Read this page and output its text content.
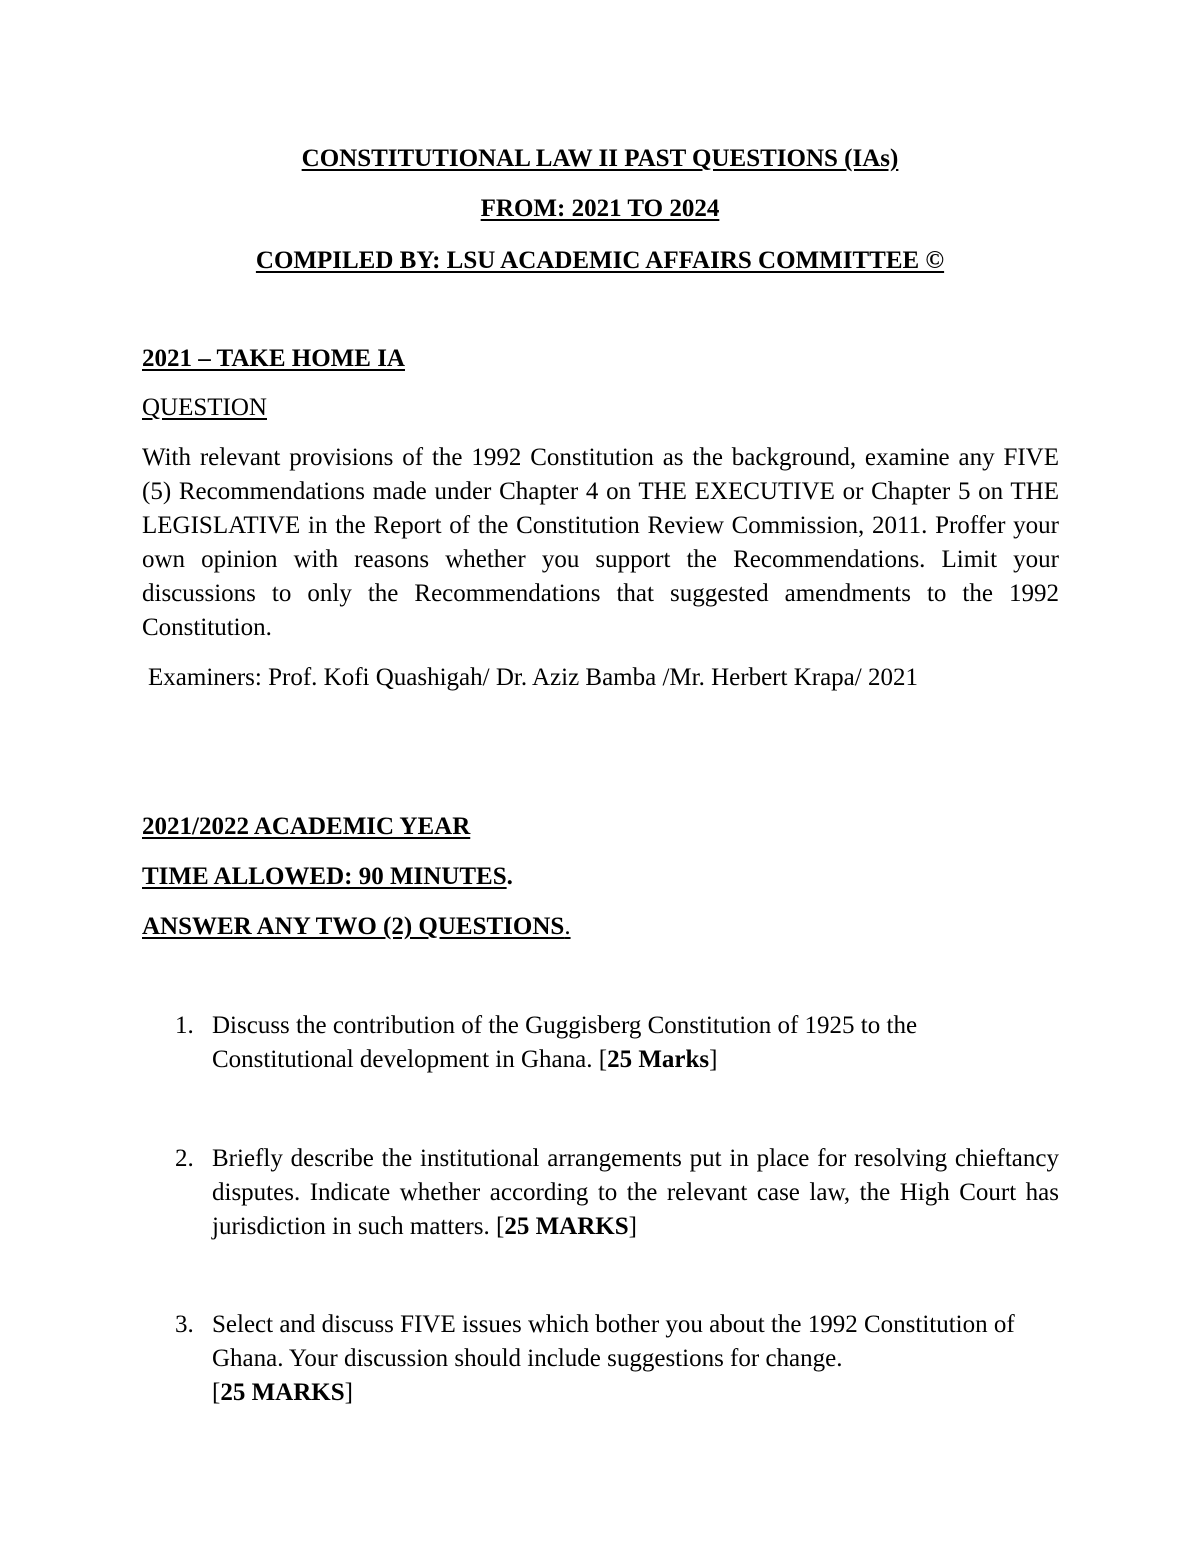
CONSTITUTIONAL LAW II PAST QUESTIONS (IAs)
FROM: 2021 TO 2024
COMPILED BY: LSU ACADEMIC AFFAIRS COMMITTEE ©
2021 – TAKE HOME IA
QUESTION
With relevant provisions of the 1992 Constitution as the background, examine any FIVE (5) Recommendations made under Chapter 4 on THE EXECUTIVE or Chapter 5 on THE LEGISLATIVE in the Report of the Constitution Review Commission, 2011. Proffer your own opinion with reasons whether you support the Recommendations. Limit your discussions to only the Recommendations that suggested amendments to the 1992 Constitution.
Examiners: Prof. Kofi Quashigah/ Dr. Aziz Bamba /Mr. Herbert Krapa/ 2021
2021/2022 ACADEMIC YEAR
TIME ALLOWED: 90 MINUTES.
ANSWER ANY TWO (2) QUESTIONS.
1. Discuss the contribution of the Guggisberg Constitution of 1925 to the Constitutional development in Ghana. [25 Marks]
2. Briefly describe the institutional arrangements put in place for resolving chieftancy disputes. Indicate whether according to the relevant case law, the High Court has jurisdiction in such matters. [25 MARKS]
3. Select and discuss FIVE issues which bother you about the 1992 Constitution of Ghana. Your discussion should include suggestions for change.
[25 MARKS]
